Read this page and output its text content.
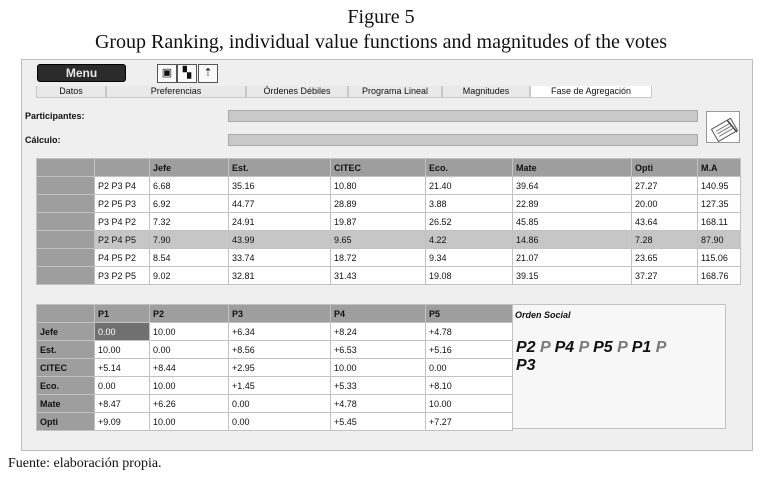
Figure 5
Group Ranking, individual value functions and magnitudes of the votes
Menu	▣ ▚	⇡
Datos	Preferencias	Órdenes Débiles	Programa Lineal	Magnitudes	Fase de Agregación
Participantes:
Cálculo:
		Jefe	Est.	CITEC	Eco.	Mate	Opti	M.A
	P2 P3 P4	6.68	35.16	10.80	21.40	39.64	27.27	140.95
	P2 P5 P3	6.92	44.77	28.89	3.88	22.89	20.00	127.35
	P3 P4 P2	7.32	24.91	19.87	26.52	45.85	43.64	168.11
	P2 P4 P5	7.90	43.99	9.65	4.22	14.86	7.28	87.90
	P4 P5 P2	8.54	33.74	18.72	9.34	21.07	23.65	115.06
	P3 P2 P5	9.02	32.81	31.43	19.08	39.15	37.27	168.76
	P1	P2	P3	P4	P5
Jefe	0.00	10.00	+6.34	+8.24	+4.78
Est.	10.00	0.00	+8.56	+6.53	+5.16
CITEC	+5.14	+8.44	+2.95	10.00	0.00
Eco.	0.00	10.00	+1.45	+5.33	+8.10
Mate	+8.47	+6.26	0.00	+4.78	10.00
Opti	+9.09	10.00	0.00	+5.45	+7.27
Orden Social
P2 P P4 P P5 P P1 P
P3
Fuente: elaboración propia.
